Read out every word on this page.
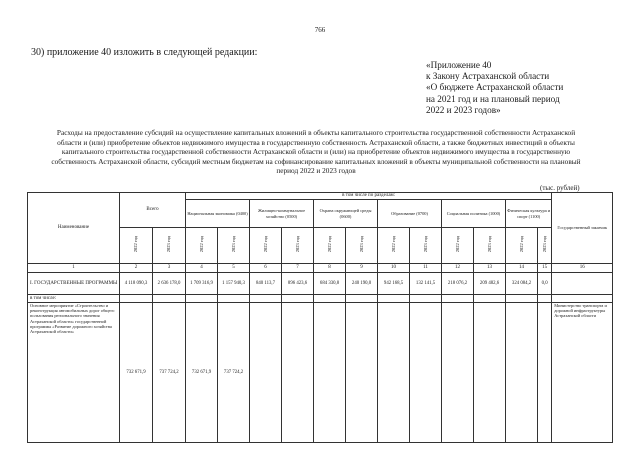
766
30) приложение 40 изложить в следующей редакции:
«Приложение 40
к Закону Астраханской области
«О бюджете Астраханской области
на 2021 год и на плановый период
2022 и 2023 годов»

Расходы на предоставление субсидий на осуществление капитальных вложений в объекты капитального строительства государственной собственности Астраханской области и (или) приобретение объектов недвижимого имущества в государственную собственность Астраханской области, а также бюджетных инвестиций в объекты капитального строительства государственной собственности Астраханской области и (или) на приобретение объектов недвижимого имущества в государственную собственность Астраханской области, субсидий местным бюджетам на софинансирование капитальных вложений в объекты муниципальной собственности на плановый период 2022 и 2023 годов

(тыс. рублей)
Наименование	Всего		в том числе по разделам:												Государственный заказчик
			Национальная экономика (0400)		Жилищно-коммунальное хозяйство (0500)		Охрана окружающей среды (0600)		Образование (0700)		Социальная политика (1000)		Физическая культура и спорт (1100)		
	2022 год	2023 год	2022 год	2023 год	2022 год	2023 год	2022 год	2023 год	2022 год	2023 год	2022 год	2023 год	2022 год	2023 год	
1	2	3	4	5	6	7	8	9	10	11	12	13	14	15	16
I. ГОСУДАРСТВЕННЫЕ ПРОГРАММЫ	4 118 090,3	2 636 178,0	1 709 316,9	1 157 940,3	840 113,7	896 423,6	684 330,8	240 190,0	942 168,5	132 141,5	218 076,2	209 482,6	324 084,2	0,0	
в том числе:															
Основное мероприятие «Строительство и реконструкция автомобильных дорог общего пользования регионального значения Астраханской области» государственной программы «Развитие дорожного хозяйства Астраханской области»	732 671,9	737 724,2	732 671,9	737 724,2											Министерство транспорта и дорожной инфраструктуры Астраханской области
